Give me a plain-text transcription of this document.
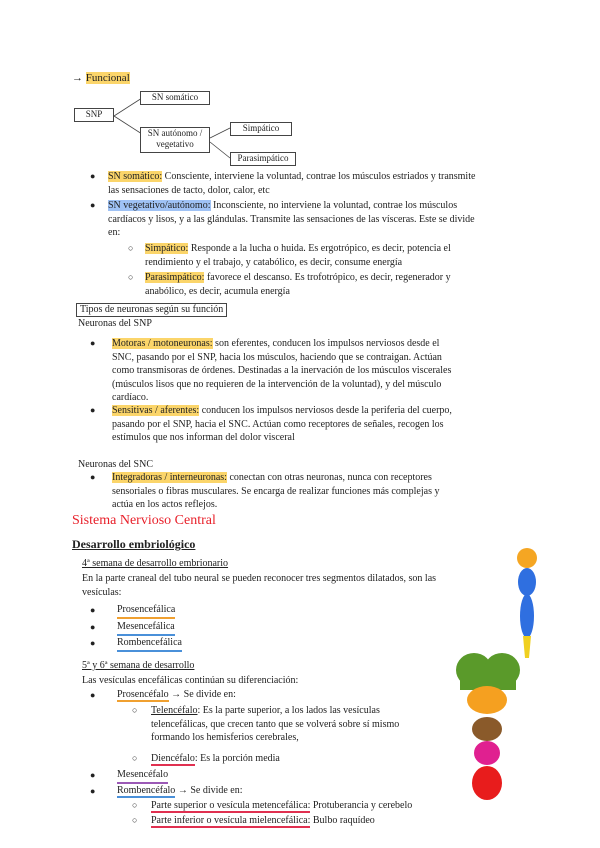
→ Funcional
SNP
SN somático
SN autónomo /
vegetativo
Simpático
Parasimpático
● SN somático: Consciente, interviene la voluntad, contrae los músculos estriados y transmite
las sensaciones de tacto, dolor, calor, etc
● SN vegetativo/autónomo: Inconsciente, no interviene la voluntad, contrae los músculos
cardíacos y lisos, y a las glándulas. Transmite las sensaciones de las vísceras. Este se divide
en:
○ Simpático: Responde a la lucha o huida. Es ergotrópico, es decir, potencia el
rendimiento y el trabajo, y catabólico, es decir, consume energía
○ Parasimpático: favorece el descanso. Es trofotrópico, es decir, regenerador y
anabólico, es decir, acumula energía
Tipos de neuronas según su función
Neuronas del SNP
● Motoras / motoneuronas: son eferentes, conducen los impulsos nerviosos desde el
SNC, pasando por el SNP, hacia los músculos, haciendo que se contraigan. Actúan
como transmisoras de órdenes. Destinadas a la inervación de los músculos viscerales
(músculos lisos que no requieren de la intervención de la voluntad), y del músculo
cardíaco.
● Sensitivas / aferentes: conducen los impulsos nerviosos desde la periferia del cuerpo,
pasando por el SNP, hacia el SNC. Actúan como receptores de señales, recogen los
estímulos que nos informan del dolor visceral
Neuronas del SNC
● Integradoras / interneuronas: conectan con otras neuronas, nunca con receptores
sensoriales o fibras musculares. Se encarga de realizar funciones más complejas y
actúa en los actos reflejos.
Sistema Nervioso Central
Desarrollo embriológico
4ª semana de desarrollo embrionario
En la parte craneal del tubo neural se pueden reconocer tres segmentos dilatados, son las
vesículas:
● Prosencefálica
● Mesencefálica
● Rombencefálica
5ª y 6ª semana de desarrollo
Las vesículas encefálicas continúan su diferenciación:
● Prosencéfalo → Se divide en:
○ Telencéfalo: Es la parte superior, a los lados las vesículas
telencefálicas, que crecen tanto que se volverá sobre sí mismo
formando los hemisferios cerebrales,
○ Diencéfalo: Es la porción media
● Mesencéfalo
● Rombencéfalo → Se divide en:
○ Parte superior o vesícula metencefálica: Protuberancia y cerebelo
○ Parte inferior o vesícula mielencefálica: Bulbo raquídeo
